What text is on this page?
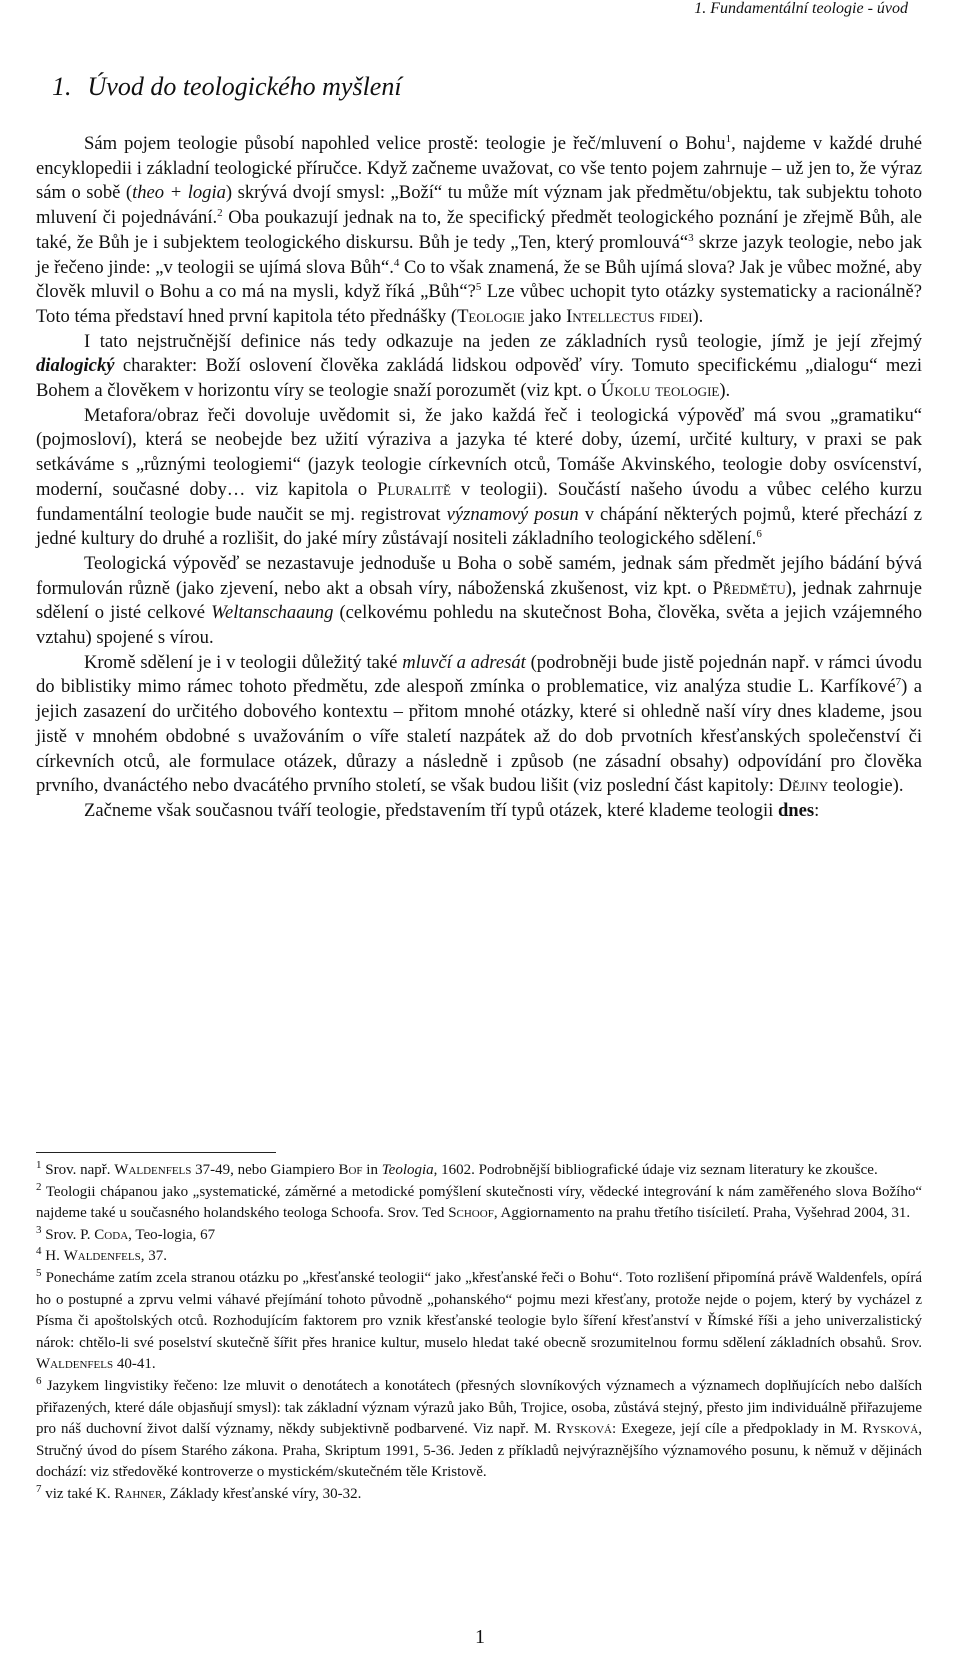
1. Fundamentální teologie - úvod
1. Úvod do teologického myšlení

Sám pojem teologie působí napohled velice prostě: teologie je řeč/mluvení o Bohu$^1$, najdeme v každé druhé encyklopedii i základní teologické příručce. Když začneme uvažovat, co vše tento pojem zahrnuje – už jen to, že výraz sám o sobě (theo + logia) skrývá dvojí smysl: „Boží“ tu může mít význam jak předmětu/objektu, tak subjektu tohoto mluvení či pojednávání.$^2$ Oba poukazují jednak na to, že specifický předmět teologického poznání je zřejmě Bůh, ale také, že Bůh je i subjektem teologického diskursu. Bůh je tedy „Ten, který promlouvá“$^3$ skrze jazyk teologie, nebo jak je řečeno jinde: „v teologii se ujímá slova Bůh“.$^4$ Co to však znamená, že se Bůh ujímá slova? Jak je vůbec možné, aby člověk mluvil o Bohu a co má na mysli, když říká „Bůh“?$^5$ Lze vůbec uchopit tyto otázky systematicky a racionálně? Toto téma představí hned první kapitola této přednášky (Teologie jako Intellectus fidei).

I tato nejstručnější definice nás tedy odkazuje na jeden ze základních rysů teologie, jímž je její zřejmý dialogický charakter: Boží oslovení člověka zakládá lidskou odpověď víry. Tomuto specifickému „dialogu“ mezi Bohem a člověkem v horizontu víry se teologie snaží porozumět (viz kpt. o Úkolu teologie).

Metafora/obraz řeči dovoluje uvědomit si, že jako každá řeč i teologická výpověď má svou „gramatiku“ (pojmosloví), která se neobejde bez užití výraziva a jazyka té které doby, území, určité kultury, v praxi se pak setkáváme s „různými teologiemi“ (jazyk teologie církevních otců, Tomáše Akvinského, teologie doby osvícenství, moderní, současné doby… viz kapitola o Pluralitě v teologii). Součástí našeho úvodu a vůbec celého kurzu fundamentální teologie bude naučit se mj. registrovat významový posun v chápání některých pojmů, které přechází z jedné kultury do druhé a rozlišit, do jaké míry zůstávají nositeli základního teologického sdělení.$^6$

Teologická výpověď se nezastavuje jednoduše u Boha o sobě samém, jednak sám předmět jejího bádání bývá formulován různě (jako zjevení, nebo akt a obsah víry, náboženská zkušenost, viz kpt. o Předmětu), jednak zahrnuje sdělení o jisté celkové Weltanschaaung (celkovému pohledu na skutečnost Boha, člověka, světa a jejich vzájemného vztahu) spojené s vírou.

Kromě sdělení je i v teologii důležitý také mluvčí a adresát (podrobněji bude jistě pojednán např. v rámci úvodu do biblistiky mimo rámec tohoto předmětu, zde alespoň zmínka o problematice, viz analýza studie L. Karfíkové$^7$) a jejich zasazení do určitého dobového kontextu – přitom mnohé otázky, které si ohledně naší víry dnes klademe, jsou jistě v mnohém obdobné s uvažováním o víře staletí nazpátek až do dob prvotních křesťanských společenství či církevních otců, ale formulace otázek, důrazy a následně i způsob (ne zásadní obsahy) odpovídání pro člověka prvního, dvanáctého nebo dvacátého prvního století, se však budou lišit (viz poslední část kapitoly: Dějiny teologie).

Začneme však současnou tváří teologie, představením tří typů otázek, které klademe teologii dnes:

$^1$ Srov. např. Waldenfels 37-49, nebo Giampiero Bof in Teologia, 1602. Podrobnější bibliografické údaje viz seznam literatury ke zkoušce.

$^2$ Teologii chápanou jako „systematické, záměrné a metodické pomýšlení skutečnosti víry, vědecké integrování k nám zaměřeného slova Božího“ najdeme také u současného holandského teologa Schoofa. Srov. Ted Schoof, Aggiornamento na prahu třetího tisíciletí. Praha, Vyšehrad 2004, 31.

$^3$ Srov. P. Coda, Teo-logia, 67

$^4$ H. Waldenfels, 37.

$^5$ Ponecháme zatím zcela stranou otázku po „křesťanské teologii“ jako „křesťanské řeči o Bohu“. Toto rozlišení připomíná právě Waldenfels, opírá ho o postupné a zprvu velmi váhavé přejímání tohoto původně „pohanského“ pojmu mezi křesťany, protože nejde o pojem, který by vycházel z Písma či apoštolských otců. Rozhodujícím faktorem pro vznik křesťanské teologie bylo šíření křesťanství v Římské říši a jeho univerzalistický nárok: chtělo-li své poselství skutečně šířit přes hranice kultur, muselo hledat také obecně srozumitelnou formu sdělení základních obsahů. Srov. Waldenfels 40-41.

$^6$ Jazykem lingvistiky řečeno: lze mluvit o denotátech a konotátech (přesných slovníkových významech a významech doplňujících nebo dalších přiřazených, které dále objasňují smysl): tak základní význam výrazů jako Bůh, Trojice, osoba, zůstává stejný, přesto jim individuálně přiřazujeme pro náš duchovní život další významy, někdy subjektivně podbarvené. Viz např. M. Rysková: Exegeze, její cíle a předpoklady in M. Rysková, Stručný úvod do písem Starého zákona. Praha, Skriptum 1991, 5-36. Jeden z příkladů nejvýraznějšího významového posunu, k němuž v dějinách dochází: viz středověké kontroverze o mystickém/skutečném těle Kristově.

$^7$ viz také K. Rahner, Základy křesťanské víry, 30-32.

1
